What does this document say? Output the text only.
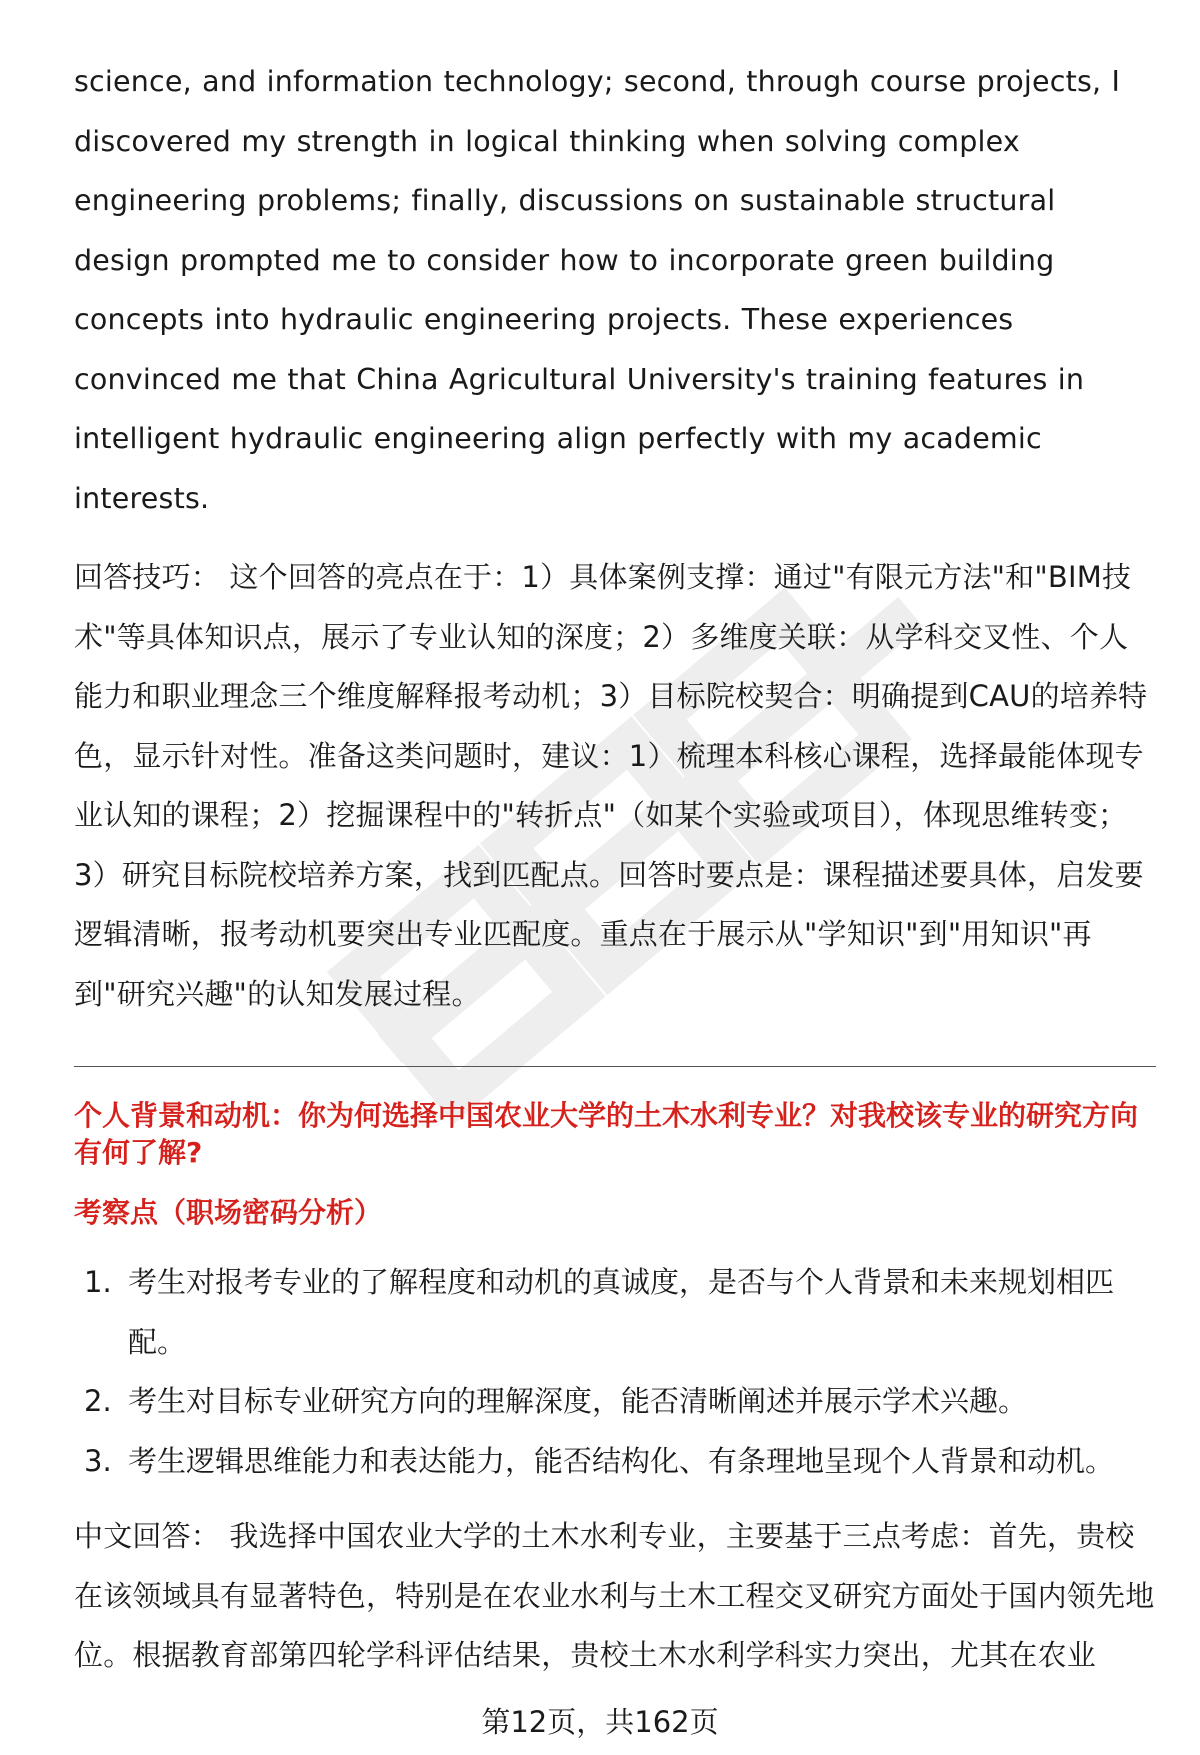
science, and information technology; second, through course projects, I discovered my strength in logical thinking when solving complex engineering problems; finally, discussions on sustainable structural design prompted me to consider how to incorporate green building concepts into hydraulic engineering projects. These experiences convinced me that China Agricultural University's training features in intelligent hydraulic engineering align perfectly with my academic interests.

回答技巧： 这个回答的亮点在于：1）具体案例支撑：通过"有限元方法"和"BIM技术"等具体知识点，展示了专业认知的深度；2）多维度关联：从学科交叉性、个人能力和职业理念三个维度解释报考动机；3）目标院校契合：明确提到CAU的培养特色，显示针对性。准备这类问题时，建议：1）梳理本科核心课程，选择最能体现专业认知的课程；2）挖掘课程中的"转折点"（如某个实验或项目），体现思维转变；3）研究目标院校培养方案，找到匹配点。回答时要点是：课程描述要具体，启发要逻辑清晰，报考动机要突出专业匹配度。重点在于展示从"学知识"到"用知识"再到"研究兴趣"的认知发展过程。

个人背景和动机：你为何选择中国农业大学的土木水利专业？对我校该专业的研究方向有何了解?

考察点（职场密码分析）

1. 考生对报考专业的了解程度和动机的真诚度，是否与个人背景和未来规划相匹配。
2. 考生对目标专业研究方向的理解深度，能否清晰阐述并展示学术兴趣。
3. 考生逻辑思维能力和表达能力，能否结构化、有条理地呈现个人背景和动机。

中文回答： 我选择中国农业大学的土木水利专业，主要基于三点考虑：首先，贵校在该领域具有显著特色，特别是在农业水利与土木工程交叉研究方面处于国内领先地位。根据教育部第四轮学科评估结果，贵校土木水利学科实力突出，尤其在农业

第12页，共162页
